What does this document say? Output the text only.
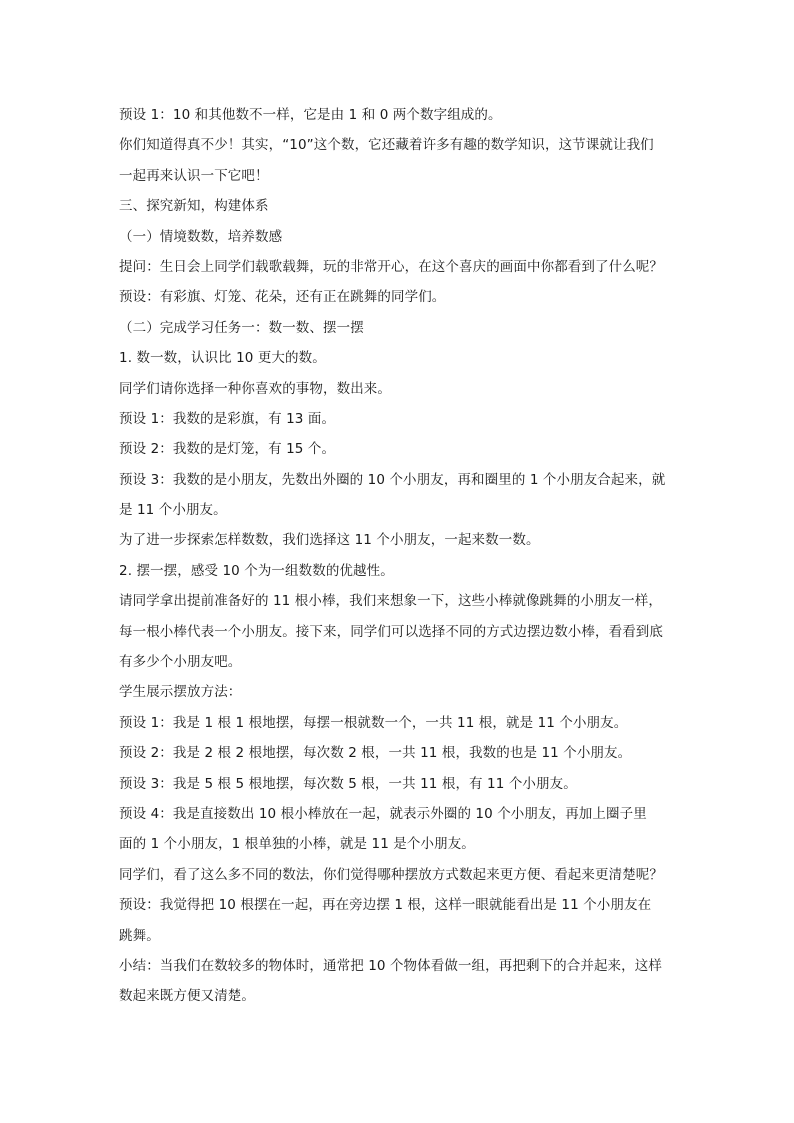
预设 1：10 和其他数不一样，它是由 1 和 0 两个数字组成的。
你们知道得真不少！其实，“10”这个数，它还藏着许多有趣的数学知识，这节课就让我们
一起再来认识一下它吧！
三、探究新知，构建体系
（一）情境数数，培养数感
提问：生日会上同学们载歌载舞，玩的非常开心，在这个喜庆的画面中你都看到了什么呢？
预设：有彩旗、灯笼、花朵，还有正在跳舞的同学们。
（二）完成学习任务一：数一数、摆一摆
1. 数一数，认识比 10 更大的数。
同学们请你选择一种你喜欢的事物，数出来。
预设 1：我数的是彩旗，有 13 面。
预设 2：我数的是灯笼，有 15 个。
预设 3：我数的是小朋友，先数出外圈的 10 个小朋友，再和圈里的 1 个小朋友合起来，就
是 11 个小朋友。
为了进一步探索怎样数数，我们选择这 11 个小朋友，一起来数一数。
2. 摆一摆，感受 10 个为一组数数的优越性。
请同学拿出提前准备好的 11 根小棒，我们来想象一下，这些小棒就像跳舞的小朋友一样，
每一根小棒代表一个小朋友。接下来，同学们可以选择不同的方式边摆边数小棒，看看到底
有多少个小朋友吧。
学生展示摆放方法：
预设 1：我是 1 根 1 根地摆，每摆一根就数一个，一共 11 根，就是 11 个小朋友。
预设 2：我是 2 根 2 根地摆，每次数 2 根，一共 11 根，我数的也是 11 个小朋友。
预设 3：我是 5 根 5 根地摆，每次数 5 根，一共 11 根，有 11 个小朋友。
预设 4：我是直接数出 10 根小棒放在一起，就表示外圈的 10 个小朋友，再加上圈子里
面的 1 个小朋友，1 根单独的小棒，就是 11 是个小朋友。
同学们，看了这么多不同的数法，你们觉得哪种摆放方式数起来更方便、看起来更清楚呢？
预设：我觉得把 10 根摆在一起，再在旁边摆 1 根，这样一眼就能看出是 11 个小朋友在
跳舞。
小结：当我们在数较多的物体时，通常把 10 个物体看做一组，再把剩下的合并起来，这样
数起来既方便又清楚。
